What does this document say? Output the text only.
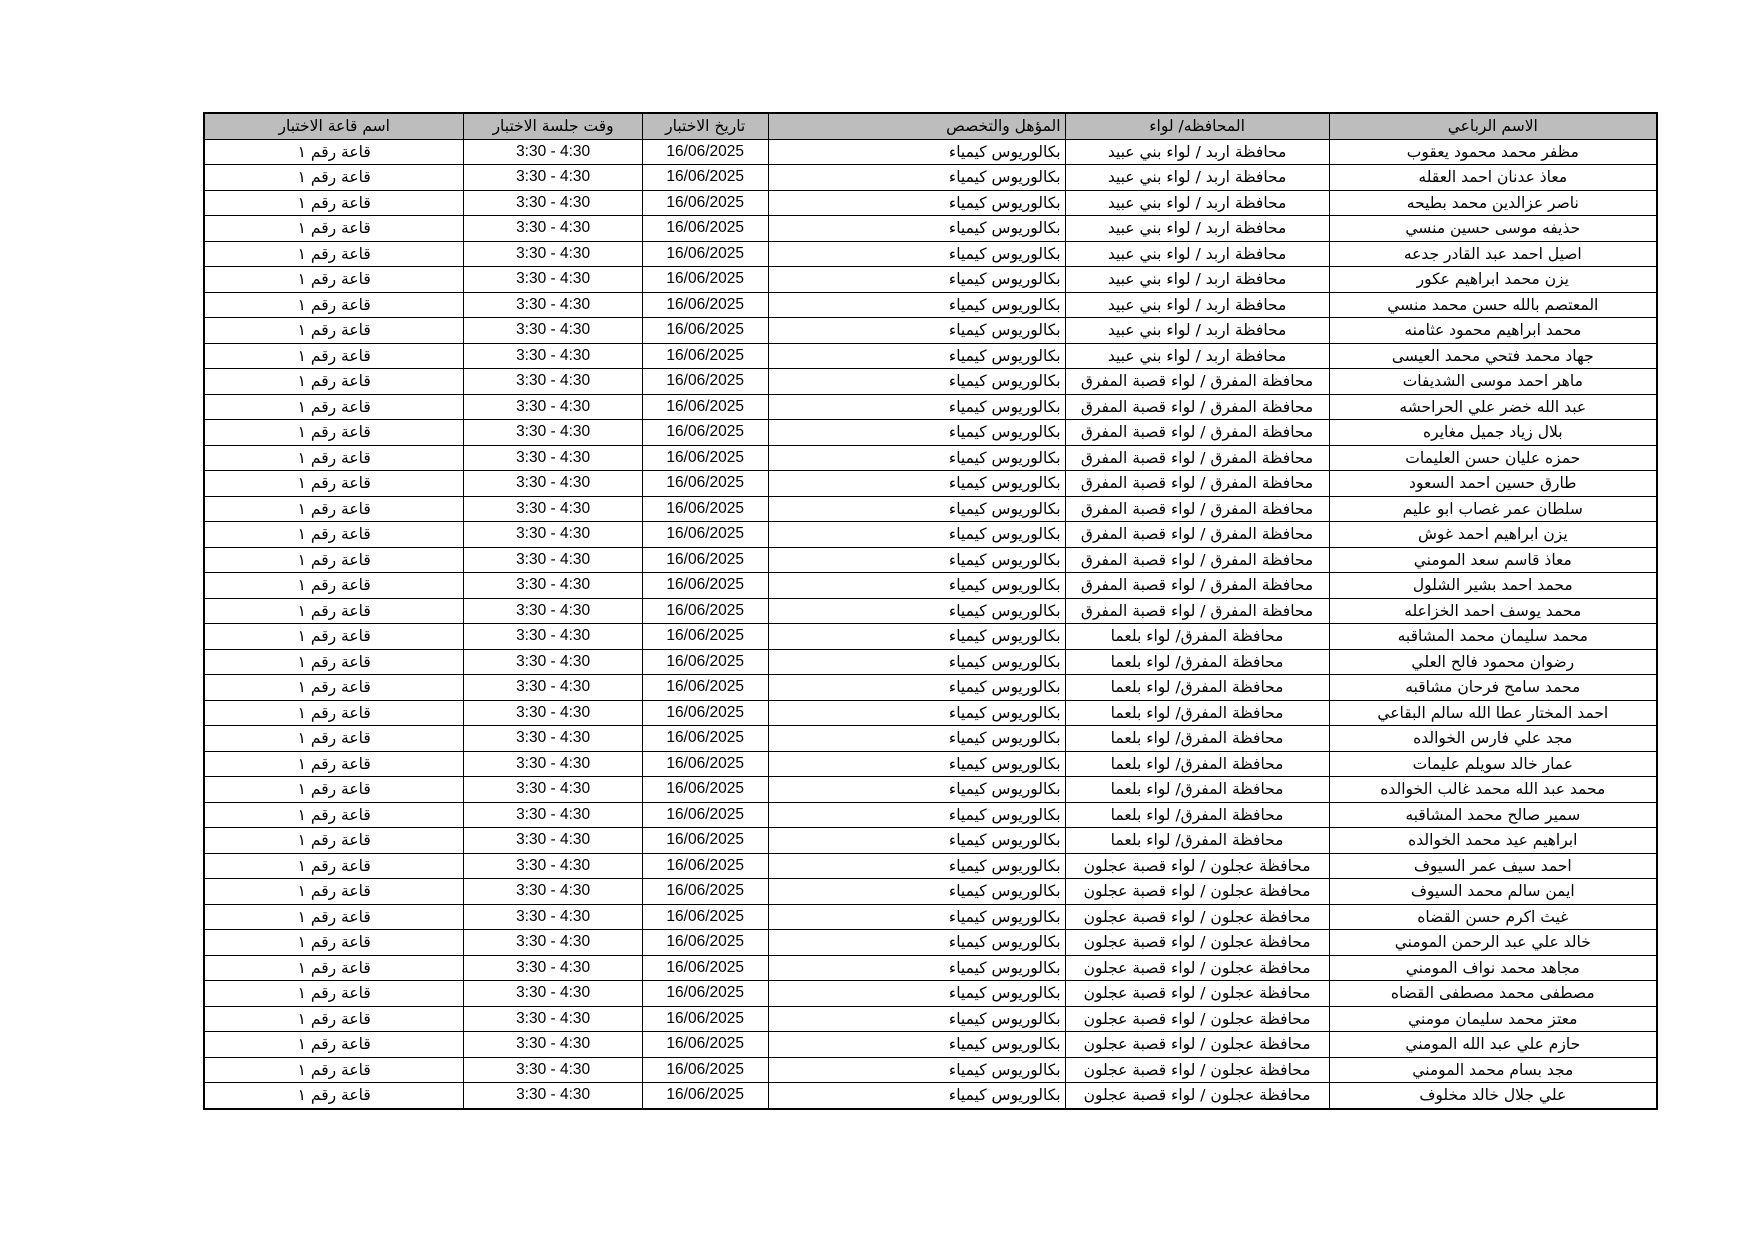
الاسم الرباعي	المحافظه/ لواء	المؤهل والتخصص	تاريخ الاختبار	وقت جلسة الاختبار	اسم قاعة الاختبار
مظفر محمد محمود يعقوب	محافظة اربد / لواء بني عبيد	بكالوريوس كيمياء	16/06/2025	3:30 - 4:30	قاعة رقم ١
معاذ عدنان احمد العقله	محافظة اربد / لواء بني عبيد	بكالوريوس كيمياء	16/06/2025	3:30 - 4:30	قاعة رقم ١
ناصر عزالدين محمد بطيحه	محافظة اربد / لواء بني عبيد	بكالوريوس كيمياء	16/06/2025	3:30 - 4:30	قاعة رقم ١
حذيفه موسى حسين منسي	محافظة اربد / لواء بني عبيد	بكالوريوس كيمياء	16/06/2025	3:30 - 4:30	قاعة رقم ١
اصيل احمد عبد القادر جدعه	محافظة اربد / لواء بني عبيد	بكالوريوس كيمياء	16/06/2025	3:30 - 4:30	قاعة رقم ١
يزن محمد ابراهيم عكور	محافظة اربد / لواء بني عبيد	بكالوريوس كيمياء	16/06/2025	3:30 - 4:30	قاعة رقم ١
المعتصم بالله حسن محمد منسي	محافظة اربد / لواء بني عبيد	بكالوريوس كيمياء	16/06/2025	3:30 - 4:30	قاعة رقم ١
محمد ابراهيم محمود عثامنه	محافظة اربد / لواء بني عبيد	بكالوريوس كيمياء	16/06/2025	3:30 - 4:30	قاعة رقم ١
جهاد محمد فتحي محمد العيسى	محافظة اربد / لواء بني عبيد	بكالوريوس كيمياء	16/06/2025	3:30 - 4:30	قاعة رقم ١
ماهر احمد موسى الشديفات	محافظة المفرق / لواء قصبة المفرق	بكالوريوس كيمياء	16/06/2025	3:30 - 4:30	قاعة رقم ١
عبد الله خضر علي الحراحشه	محافظة المفرق / لواء قصبة المفرق	بكالوريوس كيمياء	16/06/2025	3:30 - 4:30	قاعة رقم ١
بلال زياد جميل مغايره	محافظة المفرق / لواء قصبة المفرق	بكالوريوس كيمياء	16/06/2025	3:30 - 4:30	قاعة رقم ١
حمزه عليان حسن العليمات	محافظة المفرق / لواء قصبة المفرق	بكالوريوس كيمياء	16/06/2025	3:30 - 4:30	قاعة رقم ١
طارق حسين احمد السعود	محافظة المفرق / لواء قصبة المفرق	بكالوريوس كيمياء	16/06/2025	3:30 - 4:30	قاعة رقم ١
سلطان عمر غصاب ابو عليم	محافظة المفرق / لواء قصبة المفرق	بكالوريوس كيمياء	16/06/2025	3:30 - 4:30	قاعة رقم ١
يزن ابراهيم احمد غوش	محافظة المفرق / لواء قصبة المفرق	بكالوريوس كيمياء	16/06/2025	3:30 - 4:30	قاعة رقم ١
معاذ قاسم سعد المومني	محافظة المفرق / لواء قصبة المفرق	بكالوريوس كيمياء	16/06/2025	3:30 - 4:30	قاعة رقم ١
محمد احمد بشير الشلول	محافظة المفرق / لواء قصبة المفرق	بكالوريوس كيمياء	16/06/2025	3:30 - 4:30	قاعة رقم ١
محمد يوسف احمد الخزاعله	محافظة المفرق / لواء قصبة المفرق	بكالوريوس كيمياء	16/06/2025	3:30 - 4:30	قاعة رقم ١
محمد سليمان محمد المشاقبه	محافظة المفرق/ لواء بلعما	بكالوريوس كيمياء	16/06/2025	3:30 - 4:30	قاعة رقم ١
رضوان محمود فالح العلي	محافظة المفرق/ لواء بلعما	بكالوريوس كيمياء	16/06/2025	3:30 - 4:30	قاعة رقم ١
محمد سامح فرحان مشاقبه	محافظة المفرق/ لواء بلعما	بكالوريوس كيمياء	16/06/2025	3:30 - 4:30	قاعة رقم ١
احمد المختار عطا الله سالم البقاعي	محافظة المفرق/ لواء بلعما	بكالوريوس كيمياء	16/06/2025	3:30 - 4:30	قاعة رقم ١
مجد علي فارس الخوالده	محافظة المفرق/ لواء بلعما	بكالوريوس كيمياء	16/06/2025	3:30 - 4:30	قاعة رقم ١
عمار خالد سويلم عليمات	محافظة المفرق/ لواء بلعما	بكالوريوس كيمياء	16/06/2025	3:30 - 4:30	قاعة رقم ١
محمد عبد الله محمد غالب الخوالده	محافظة المفرق/ لواء بلعما	بكالوريوس كيمياء	16/06/2025	3:30 - 4:30	قاعة رقم ١
سمير صالح محمد المشاقبه	محافظة المفرق/ لواء بلعما	بكالوريوس كيمياء	16/06/2025	3:30 - 4:30	قاعة رقم ١
ابراهيم عيد محمد الخوالده	محافظة المفرق/ لواء بلعما	بكالوريوس كيمياء	16/06/2025	3:30 - 4:30	قاعة رقم ١
احمد سيف عمر السيوف	محافظة عجلون / لواء قصبة عجلون	بكالوريوس كيمياء	16/06/2025	3:30 - 4:30	قاعة رقم ١
ايمن سالم محمد السيوف	محافظة عجلون / لواء قصبة عجلون	بكالوريوس كيمياء	16/06/2025	3:30 - 4:30	قاعة رقم ١
غيث اكرم حسن القضاه	محافظة عجلون / لواء قصبة عجلون	بكالوريوس كيمياء	16/06/2025	3:30 - 4:30	قاعة رقم ١
خالد علي عبد الرحمن المومني	محافظة عجلون / لواء قصبة عجلون	بكالوريوس كيمياء	16/06/2025	3:30 - 4:30	قاعة رقم ١
مجاهد محمد نواف المومني	محافظة عجلون / لواء قصبة عجلون	بكالوريوس كيمياء	16/06/2025	3:30 - 4:30	قاعة رقم ١
مصطفى محمد مصطفى القضاه	محافظة عجلون / لواء قصبة عجلون	بكالوريوس كيمياء	16/06/2025	3:30 - 4:30	قاعة رقم ١
معتز محمد سليمان مومني	محافظة عجلون / لواء قصبة عجلون	بكالوريوس كيمياء	16/06/2025	3:30 - 4:30	قاعة رقم ١
حازم علي عبد الله المومني	محافظة عجلون / لواء قصبة عجلون	بكالوريوس كيمياء	16/06/2025	3:30 - 4:30	قاعة رقم ١
مجد بسام محمد المومني	محافظة عجلون / لواء قصبة عجلون	بكالوريوس كيمياء	16/06/2025	3:30 - 4:30	قاعة رقم ١
علي جلال خالد مخلوف	محافظة عجلون / لواء قصبة عجلون	بكالوريوس كيمياء	16/06/2025	3:30 - 4:30	قاعة رقم ١
